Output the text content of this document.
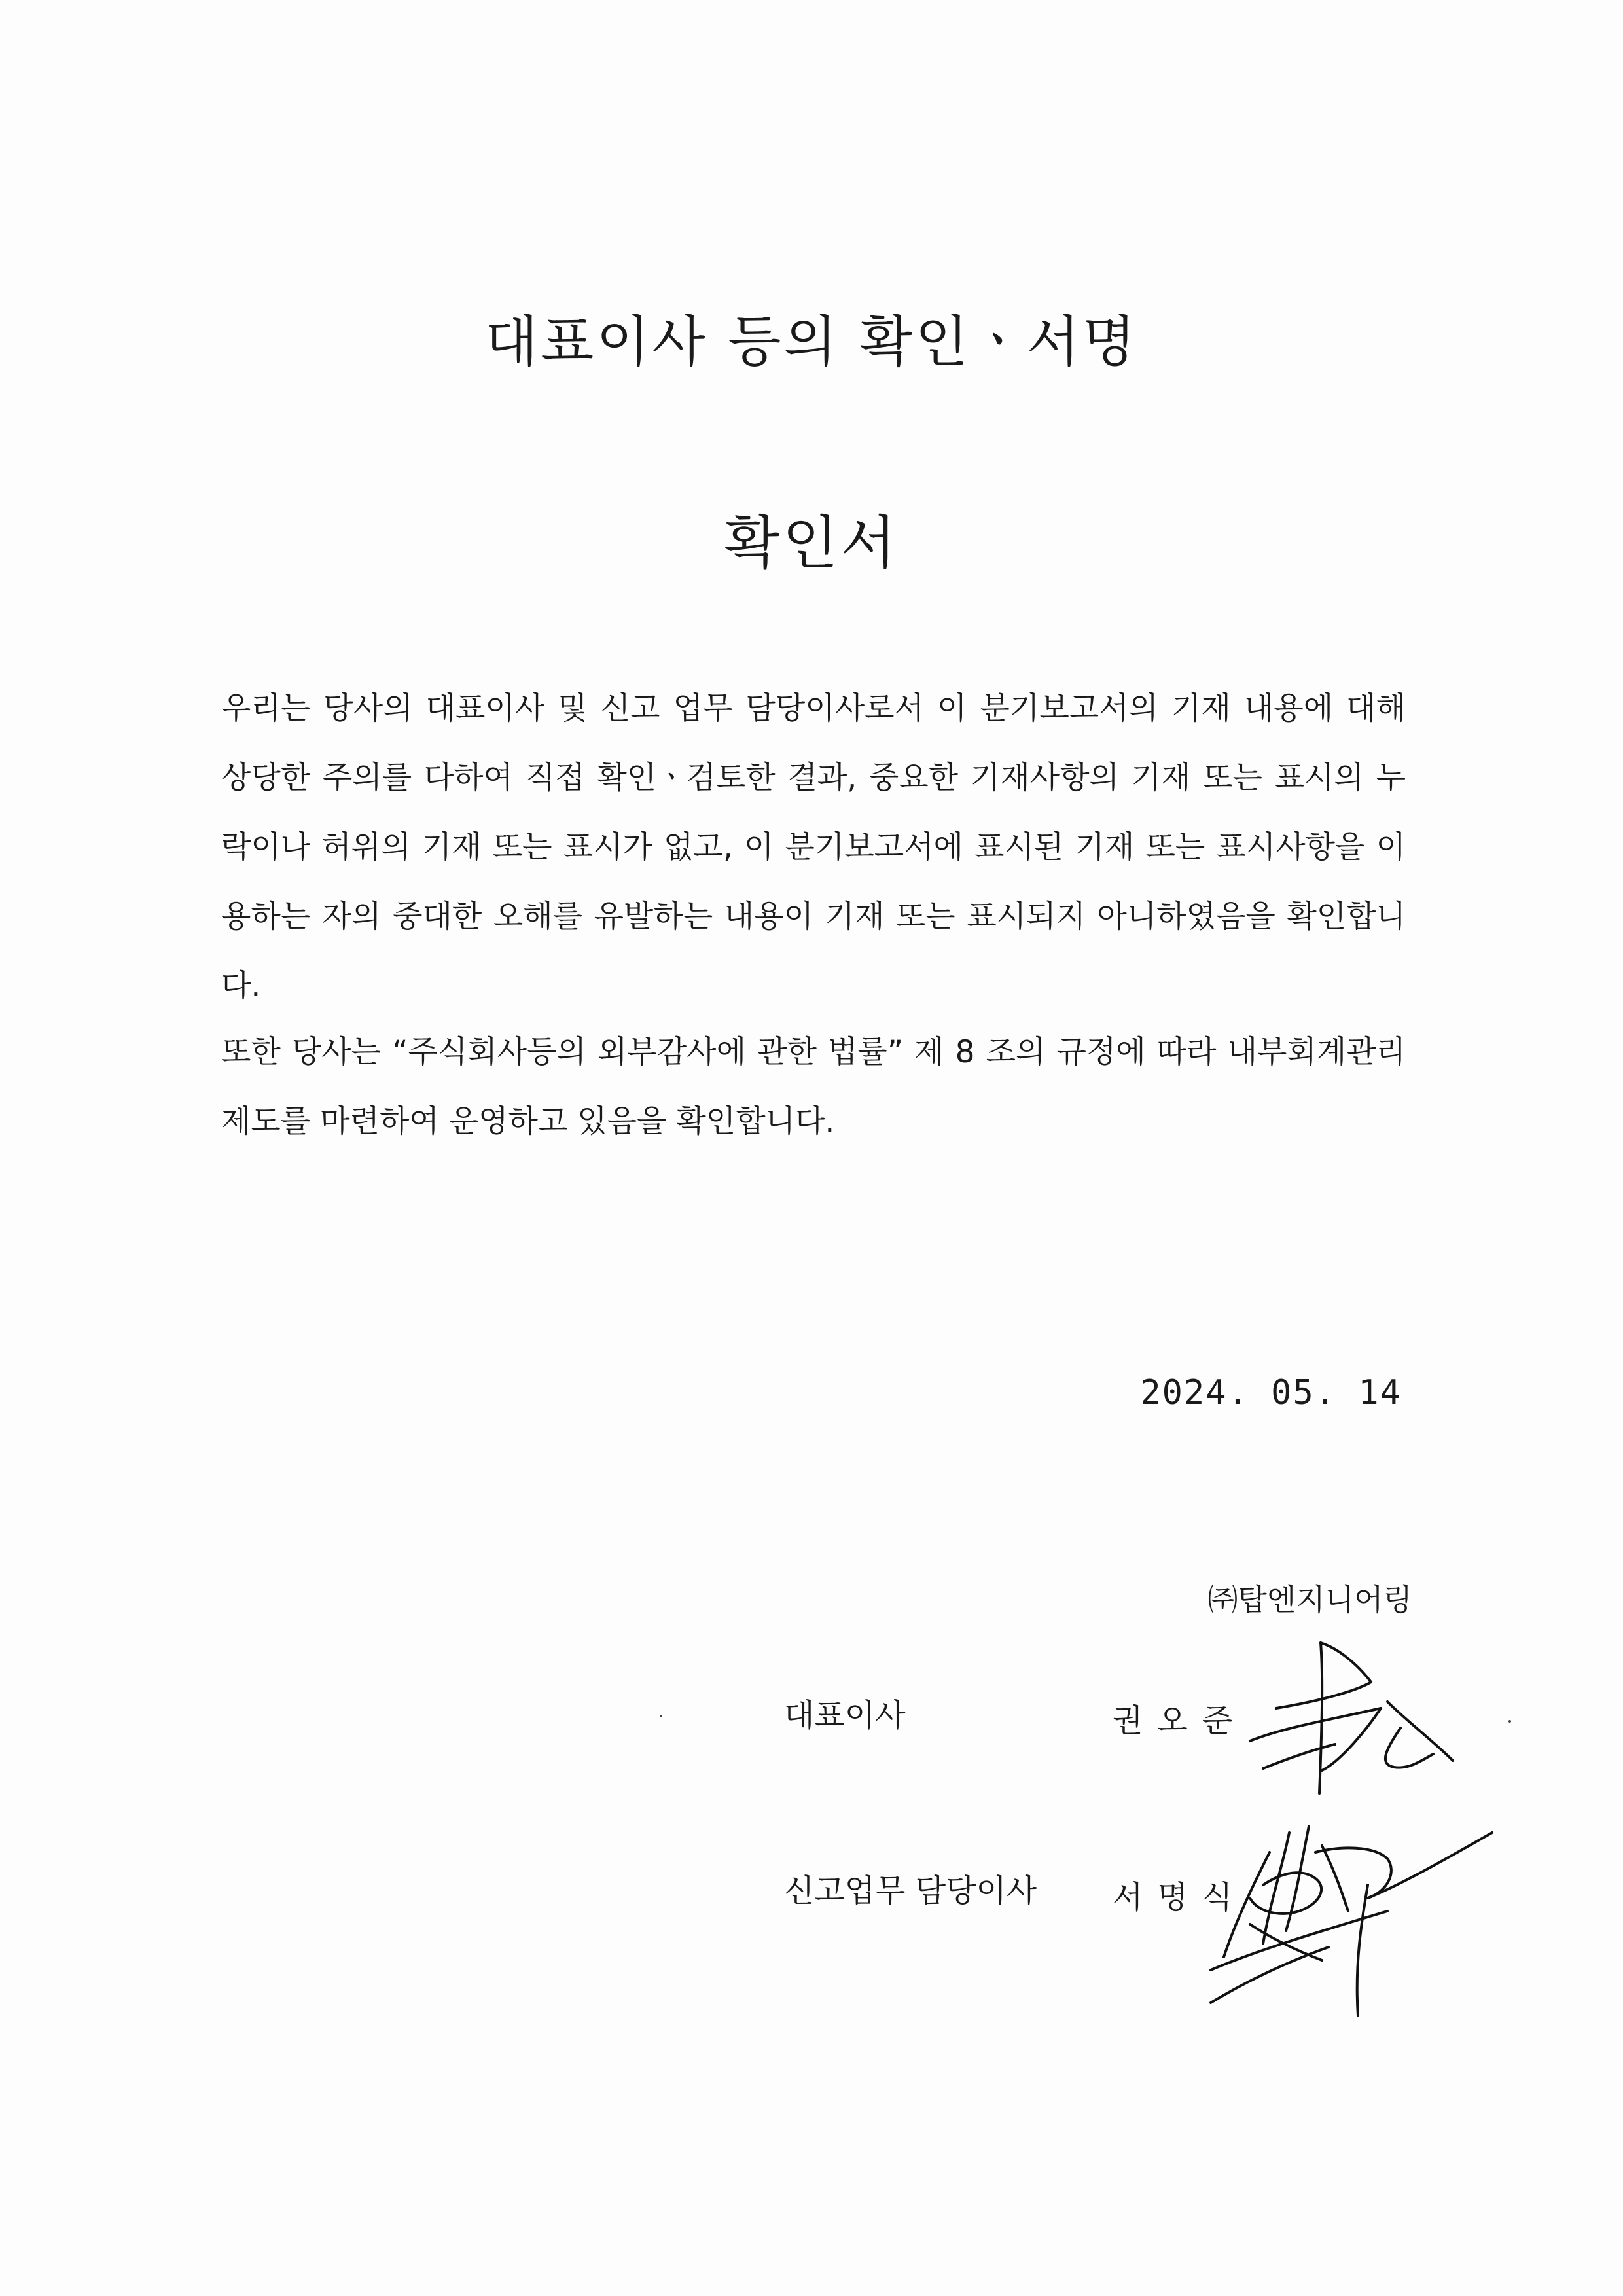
대표이사 등의 확인ㆍ서명
확인서

우리는 당사의 대표이사 및 신고 업무 담당이사로서 이 분기보고서의 기재 내용에 대해 상당한 주의를 다하여 직접 확인ㆍ검토한 결과, 중요한 기재사항의 기재 또는 표시의 누락이나 허위의 기재 또는 표시가 없고, 이 분기보고서에 표시된 기재 또는 표시사항을 이용하는 자의 중대한 오해를 유발하는 내용이 기재 또는 표시되지 아니하였음을 확인합니다.

또한 당사는 “주식회사등의 외부감사에 관한 법률” 제 8 조의 규정에 따라 내부회계관리제도를 마련하여 운영하고 있음을 확인합니다.

2024. 05. 14

㈜탑엔지니어링

대표이사	권오준

신고업무 담당이사 서명식
